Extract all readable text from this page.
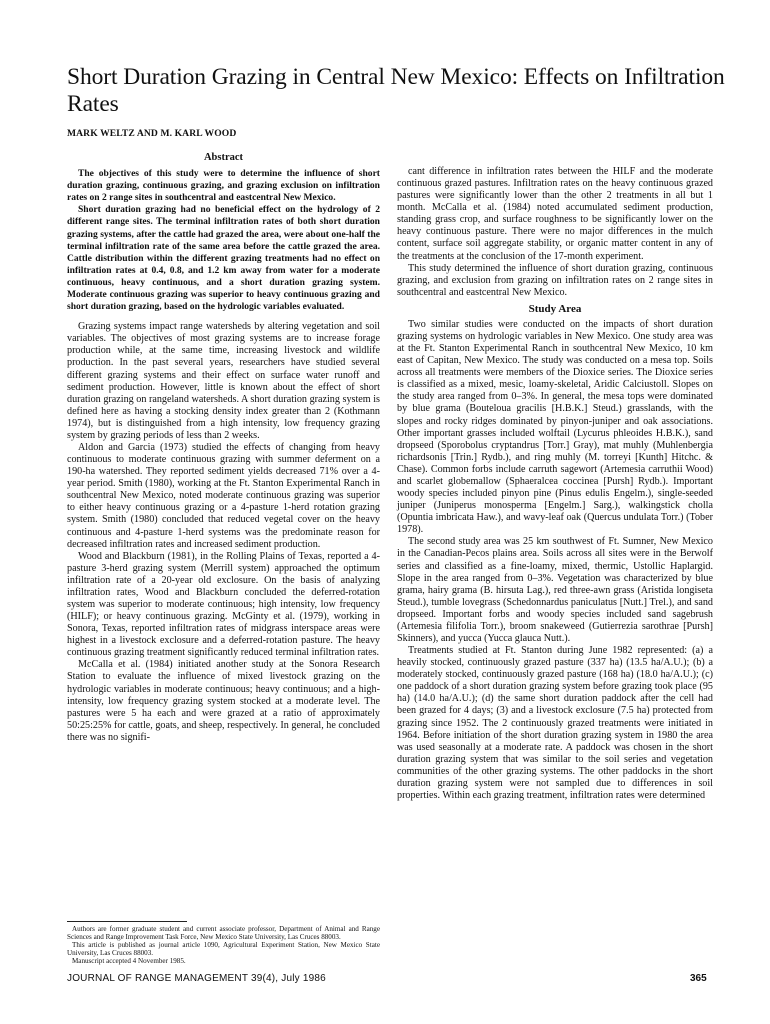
Short Duration Grazing in Central New Mexico: Effects on Infiltration Rates
MARK WELTZ AND M. KARL WOOD
Abstract

The objectives of this study were to determine the influence of short duration grazing, continuous grazing, and grazing exclusion on infiltration rates on 2 range sites in southcentral and eastcentral New Mexico.

Short duration grazing had no beneficial effect on the hydrology of 2 different range sites. The terminal infiltration rates of both short duration grazing systems, after the cattle had grazed the area, were about one-half the terminal infiltration rate of the same area before the cattle grazed the area. Cattle distribution within the different grazing treatments had no effect on infiltration rates at 0.4, 0.8, and 1.2 km away from water for a moderate continuous, heavy continuous, and a short duration grazing system. Moderate continuous grazing was superior to heavy continuous grazing and short duration grazing, based on the hydrologic variables evaluated.

Grazing systems impact range watersheds by altering vegetation and soil variables. The objectives of most grazing systems are to increase forage production while, at the same time, increasing livestock and wildlife production. In the past several years, researchers have studied several different grazing systems and their effect on surface water runoff and sediment production. However, little is known about the effect of short duration grazing on rangeland watersheds. A short duration grazing system is defined here as having a stocking density index greater than 2 (Kothmann 1974), but is distinguished from a high intensity, low frequency grazing system by grazing periods of less than 2 weeks.

Aldon and Garcia (1973) studied the effects of changing from heavy continuous to moderate continuous grazing with summer deferment on a 190-ha watershed. They reported sediment yields decreased 71% over a 4-year period. Smith (1980), working at the Ft. Stanton Experimental Ranch in southcentral New Mexico, noted moderate continuous grazing was superior to either heavy continuous grazing or a 4-pasture 1-herd rotation grazing system. Smith (1980) concluded that reduced vegetal cover on the heavy continuous and 4-pasture 1-herd systems was the predominate reason for decreased infiltration rates and increased sediment production.

Wood and Blackburn (1981), in the Rolling Plains of Texas, reported a 4-pasture 3-herd grazing system (Merrill system) approached the optimum infiltration rate of a 20-year old exclosure. On the basis of analyzing infiltration rates, Wood and Blackburn concluded the deferred-rotation system was superior to moderate continuous; high intensity, low frequency (HILF); or heavy continuous grazing. McGinty et al. (1979), working in Sonora, Texas, reported infiltration rates of midgrass interspace areas were highest in a livestock exclosure and a deferred-rotation pasture. The heavy continuous grazing treatment significantly reduced terminal infiltration rates.

McCalla et al. (1984) initiated another study at the Sonora Research Station to evaluate the influence of mixed livestock grazing on the hydrologic variables in moderate continuous; heavy continuous; and a high-intensity, low frequency grazing system stocked at a moderate level. The pastures were 5 ha each and were grazed at a ratio of approximately 50:25:25% for cattle, goats, and sheep, respectively. In general, he concluded there was no signifi-

Authors are former graduate student and current associate professor, Department of Animal and Range Sciences and Range Improvement Task Force, New Mexico State University, Las Cruces 88003.

This article is published as journal article 1090, Agricultural Experiment Station, New Mexico State University, Las Cruces 88003.

Manuscript accepted 4 November 1985.

cant difference in infiltration rates between the HILF and the moderate continuous grazed pastures. Infiltration rates on the heavy continuous grazed pastures were significantly lower than the other 2 treatments in all but 1 month. McCalla et al. (1984) noted accumulated sediment production, standing grass crop, and surface roughness to be significantly lower on the heavy continuous pasture. There were no major differences in the mulch content, surface soil aggregate stability, or organic matter content in any of the treatments at the conclusion of the 17-month experiment.

This study determined the influence of short duration grazing, continuous grazing, and exclusion from grazing on infiltration rates on 2 range sites in southcentral and eastcentral New Mexico.

Study Area

Two similar studies were conducted on the impacts of short duration grazing systems on hydrologic variables in New Mexico. One study area was at the Ft. Stanton Experimental Ranch in southcentral New Mexico, 10 km east of Capitan, New Mexico. The study was conducted on a mesa top. Soils across all treatments were members of the Dioxice series. The Dioxice series is classified as a mixed, mesic, loamy-skeletal, Aridic Calciustoll. Slopes on the study area ranged from 0–3%. In general, the mesa tops were dominated by blue grama (Bouteloua gracilis [H.B.K.] Steud.) grasslands, with the slopes and rocky ridges dominated by pinyon-juniper and oak associations. Other important grasses included wolftail (Lycurus phleoides H.B.K.), sand dropseed (Sporobolus cryptandrus [Torr.] Gray), mat muhly (Muhlenbergia richardsonis [Trin.] Rydb.), and ring muhly (M. torreyi [Kunth] Hitchc. & Chase). Common forbs include carruth sagewort (Artemesia carruthii Wood) and scarlet globemallow (Sphaeralcea coccinea [Pursh] Rydb.). Important woody species included pinyon pine (Pinus edulis Engelm.), single-seeded juniper (Juniperus monosperma [Engelm.] Sarg.), walkingstick cholla (Opuntia imbricata Haw.), and wavy-leaf oak (Quercus undulata Torr.) (Tober 1978).

The second study area was 25 km southwest of Ft. Sumner, New Mexico in the Canadian-Pecos plains area. Soils across all sites were in the Berwolf series and classified as a fine-loamy, mixed, thermic, Ustollic Haplargid. Slope in the area ranged from 0–3%. Vegetation was characterized by blue grama, hairy grama (B. hirsuta Lag.), red three-awn grass (Aristida longiseta Steud.), tumble lovegrass (Schedonnardus paniculatus [Nutt.] Trel.), and sand dropseed. Important forbs and woody species included sand sagebrush (Artemesia filifolia Torr.), broom snakeweed (Gutierrezia sarothrae [Pursh] Skinners), and yucca (Yucca glauca Nutt.).

Treatments studied at Ft. Stanton during June 1982 represented: (a) a heavily stocked, continuously grazed pasture (337 ha) (13.5 ha/A.U.); (b) a moderately stocked, continuously grazed pasture (168 ha) (18.0 ha/A.U.); (c) one paddock of a short duration grazing system before grazing took place (95 ha) (14.0 ha/A.U.); (d) the same short duration paddock after the cell had been grazed for 4 days; (3) and a livestock exclosure (7.5 ha) protected from grazing since 1952. The 2 continuously grazed treatments were initiated in 1964. Before initiation of the short duration grazing system in 1980 the area was used seasonally at a moderate rate. A paddock was chosen in the short duration grazing system that was similar to the soil series and vegetation communities of the other grazing systems. The other paddocks in the short duration grazing system were not sampled due to differences in soil properties. Within each grazing treatment, infiltration rates were determined

JOURNAL OF RANGE MANAGEMENT 39(4), July 1986	365
